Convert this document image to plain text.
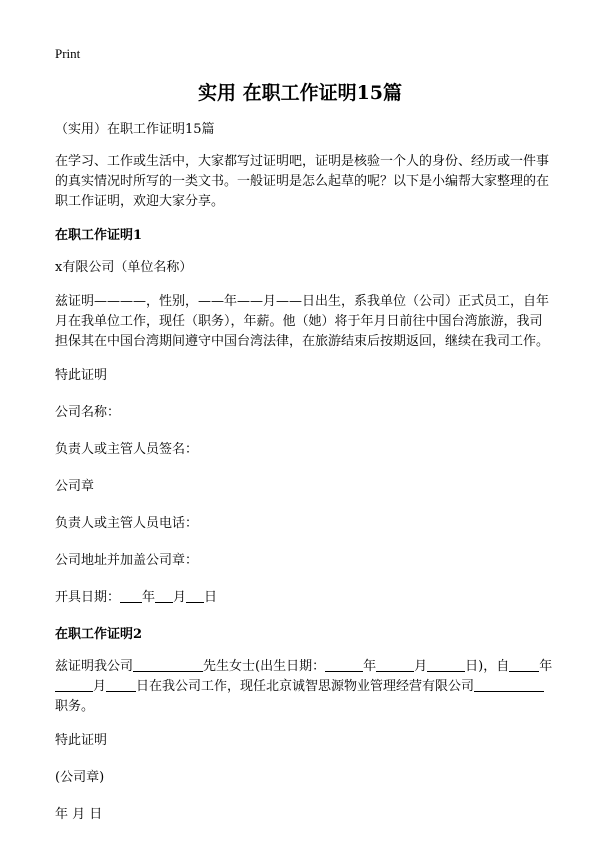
Print
实用 在职工作证明15篇

（实用）在职工作证明15篇

在学习、工作或生活中，大家都写过证明吧，证明是核验一个人的身份、经历或一件事的真实情况时所写的一类文书。一般证明是怎么起草的呢？以下是小编帮大家整理的在职工作证明，欢迎大家分享。

在职工作证明1

x有限公司（单位名称）

兹证明————，性别，——年——月——日出生，系我单位（公司）正式员工，自年月在我单位工作，现任（职务），年薪。他（她）将于年月日前往中国台湾旅游，我司担保其在中国台湾期间遵守中国台湾法律，在旅游结束后按期返回，继续在我司工作。

特此证明

公司名称：

负责人或主管人员签名：

公司章

负责人或主管人员电话：

公司地址并加盖公司章：

开具日期： 年 月 日

在职工作证明2

兹证明我公司	先生女士(出生日期：	年	月	日)，自 年月 日在我公司工作，现任北京诚智思源物业管理经营有限公司职务。

特此证明

(公司章)

年 月 日
